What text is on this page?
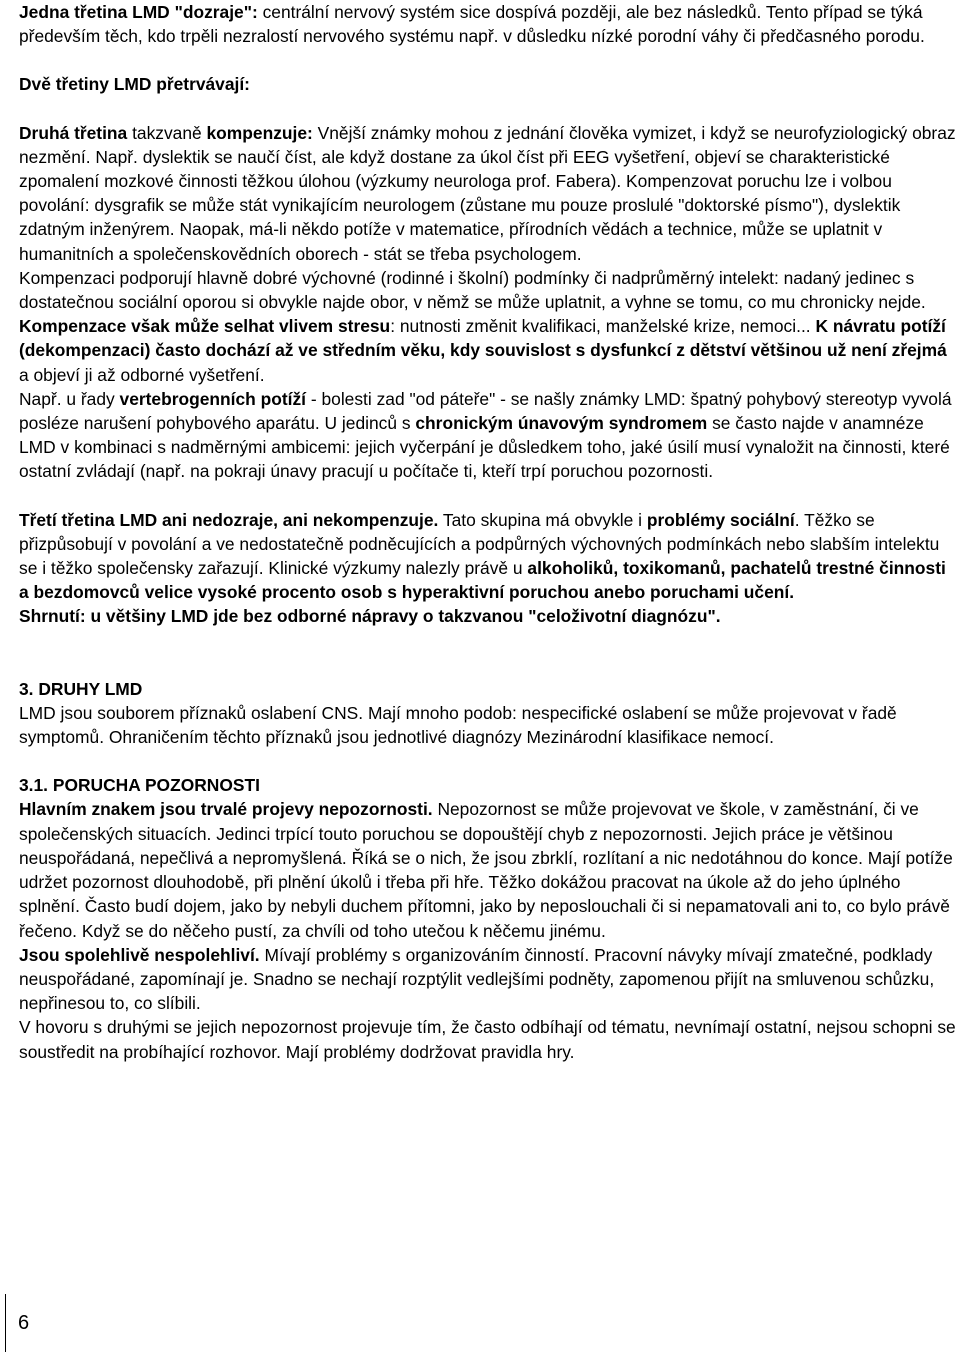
Jedna třetina LMD "dozraje": centrální nervový systém sice dospívá později, ale bez následků. Tento případ se týká především těch, kdo trpěli nezralostí nervového systému např. v důsledku nízké porodní váhy či předčasného porodu.

Dvě třetiny LMD přetrvávají:

Druhá třetina takzvaně kompenzuje: Vnější známky mohou z jednání člověka vymizet, i když se neurofyziologický obraz nezmění. Např. dyslektik se naučí číst, ale když dostane za úkol číst při EEG vyšetření, objeví se charakteristické zpomalení mozkové činnosti těžkou úlohou (výzkumy neurologa prof. Fabera). Kompenzovat poruchu lze i volbou povolání: dysgrafik se může stát vynikajícím neurologem (zůstane mu pouze proslulé "doktorské písmo"), dyslektik zdatným inženýrem. Naopak, má-li někdo potíže v matematice, přírodních vědách a technice, může se uplatnit v humanitních a společenskovědních oborech - stát se třeba psychologem.

Kompenzaci podporují hlavně dobré výchovné (rodinné i školní) podmínky či nadprůměrný intelekt: nadaný jedinec s dostatečnou sociální oporou si obvykle najde obor, v němž se může uplatnit, a vyhne se tomu, co mu chronicky nejde.

Kompenzace však může selhat vlivem stresu: nutnosti změnit kvalifikaci, manželské krize, nemoci... K návratu potíží (dekompenzaci) často dochází až ve středním věku, kdy souvislost s dysfunkcí z dětství většinou už není zřejmá a objeví ji až odborné vyšetření.

Např. u řady vertebrogenních potíží - bolesti zad "od páteře" - se našly známky LMD: špatný pohybový stereotyp vyvolá posléze narušení pohybového aparátu. U jedinců s chronickým únavovým syndromem se často najde v anamnéze LMD v kombinaci s nadměrnými ambicemi: jejich vyčerpání je důsledkem toho, jaké úsilí musí vynaložit na činnosti, které ostatní zvládají (např. na pokraji únavy pracují u počítače ti, kteří trpí poruchou pozornosti.

Třetí třetina LMD ani nedozraje, ani nekompenzuje. Tato skupina má obvykle i problémy sociální. Těžko se přizpůsobují v povolání a ve nedostatečně podněcujících a podpůrných výchovných podmínkách nebo slabším intelektu se i těžko společensky zařazují. Klinické výzkumy nalezly právě u alkoholiků, toxikomanů, pachatelů trestné činnosti a bezdomovců velice vysoké procento osob s hyperaktivní poruchou anebo poruchami učení.

Shrnutí: u většiny LMD jde bez odborné nápravy o takzvanou "celoživotní diagnózu".

3. DRUHY LMD

LMD jsou souborem příznaků oslabení CNS. Mají mnoho podob: nespecifické oslabení se může projevovat v řadě symptomů. Ohraničením těchto příznaků jsou jednotlivé diagnózy Mezinárodní klasifikace nemocí.

3.1. PORUCHA POZORNOSTI

Hlavním znakem jsou trvalé projevy nepozornosti. Nepozornost se může projevovat ve škole, v zaměstnání, či ve společenských situacích. Jedinci trpící touto poruchou se dopouštějí chyb z nepozornosti. Jejich práce je většinou neuspořádaná, nepečlivá a nepromyšlená. Říká se o nich, že jsou zbrklí, rozlítaní a nic nedotáhnou do konce. Mají potíže udržet pozornost dlouhodobě, při plnění úkolů i třeba při hře. Těžko dokážou pracovat na úkole až do jeho úplného splnění. Často budí dojem, jako by nebyli duchem přítomni, jako by neposlouchali či si nepamatovali ani to, co bylo právě řečeno. Když se do něčeho pustí, za chvíli od toho utečou k něčemu jinému.

Jsou spolehlivě nespolehliví. Mívají problémy s organizováním činností. Pracovní návyky mívají zmatečné, podklady neuspořádané, zapomínají je. Snadno se nechají rozptýlit vedlejšími podněty, zapomenou přijít na smluvenou schůzku, nepřinesou to, co slíbili.

V hovoru s druhými se jejich nepozornost projevuje tím, že často odbíhají od tématu, nevnímají ostatní, nejsou schopni se soustředit na probíhající rozhovor. Mají problémy dodržovat pravidla hry.

6
